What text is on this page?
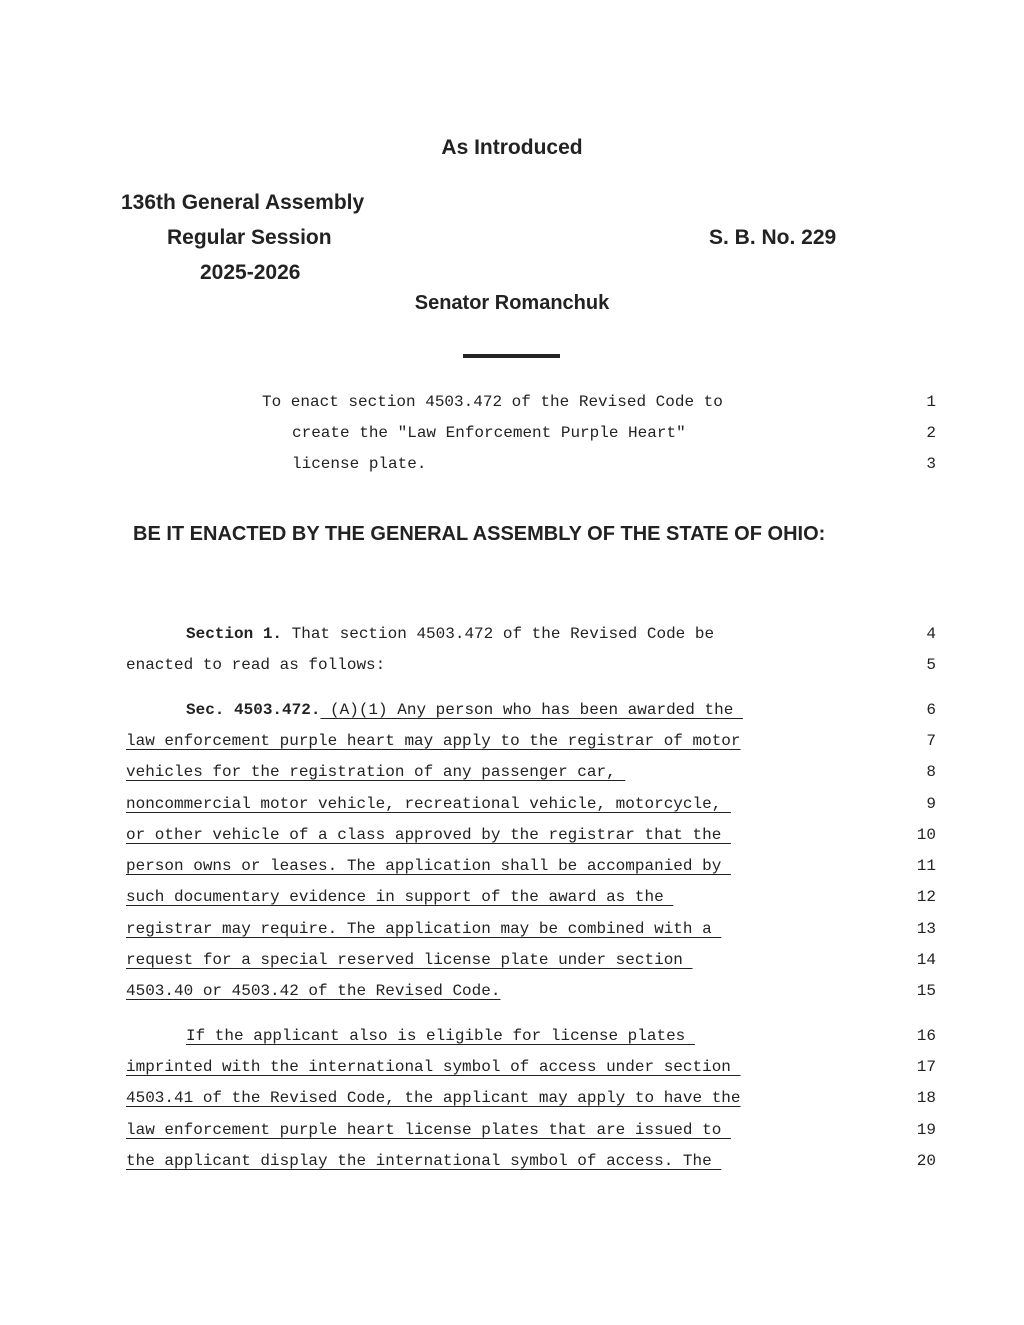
As Introduced
136th General Assembly
Regular Session
2025-2026
S. B. No. 229
Senator Romanchuk
To enact section 4503.472 of the Revised Code to	1
create the "Law Enforcement Purple Heart"	2
license plate.	3
BE IT ENACTED BY THE GENERAL ASSEMBLY OF THE STATE OF OHIO:
Section 1. That section 4503.472 of the Revised Code be	4
enacted to read as follows:	5
Sec. 4503.472. (A)(1) Any person who has been awarded the	6
law enforcement purple heart may apply to the registrar of motor	7
vehicles for the registration of any passenger car,	8
noncommercial motor vehicle, recreational vehicle, motorcycle,	9
or other vehicle of a class approved by the registrar that the	10
person owns or leases. The application shall be accompanied by	11
such documentary evidence in support of the award as the	12
registrar may require. The application may be combined with a	13
request for a special reserved license plate under section	14
4503.40 or 4503.42 of the Revised Code.	15
If the applicant also is eligible for license plates	16
imprinted with the international symbol of access under section	17
4503.41 of the Revised Code, the applicant may apply to have the	18
law enforcement purple heart license plates that are issued to	19
the applicant display the international symbol of access. The	20
